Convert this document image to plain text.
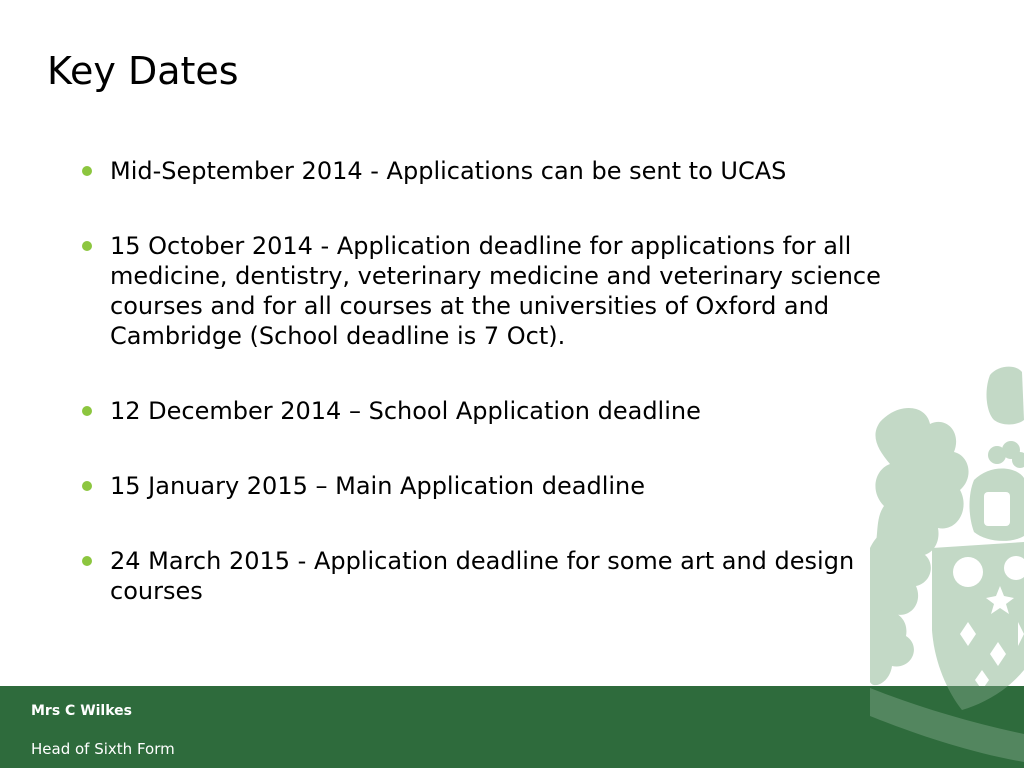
Key Dates
Mid-September 2014 - Applications can be sent to UCAS
15 October 2014 - Application deadline for applications for all medicine, dentistry, veterinary medicine and veterinary science courses and for all courses at the universities of Oxford and Cambridge (School deadline is 7 Oct).
12 December 2014 – School Application deadline
15 January 2015 – Main Application deadline
24 March 2015 - Application deadline for some art and design courses
Mrs C Wilkes
Head of Sixth Form
